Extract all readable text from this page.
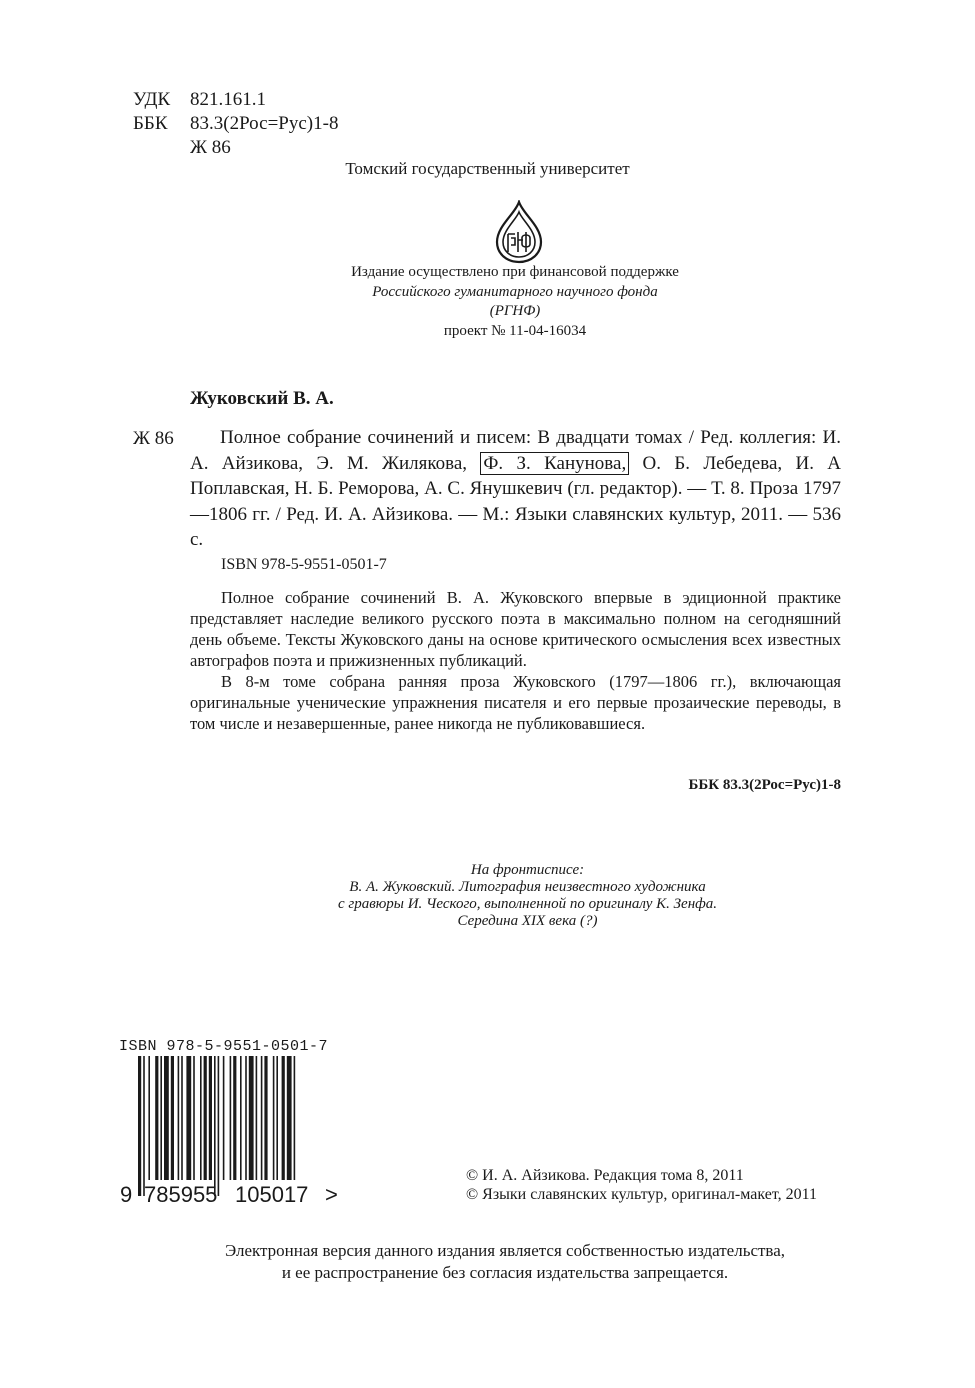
УДК	821.161.1
ББК	83.3(2Рос=Рус)1-8
Ж 86
Томский государственный университет
Издание осуществлено при финансовой поддержке
Российского гуманитарного научного фонда
(РГНФ)
проект № 11-04-16034
Жуковский В. А.
Ж 86	Полное собрание сочинений и писем: В двадцати томах / Ред. коллегия: И. А. Айзикова, Э. М. Жилякова, Ф. З. Канунова, О. Б. Лебедева, И. А Поплавская, Н. Б. Реморова, А. С. Янушкевич (гл. редактор). — Т. 8. Проза 1797—1806 гг. / Ред. И. А. Айзикова. — М.: Языки славянских культур, 2011. — 536 с.
ISBN 978-5-9551-0501-7

Полное собрание сочинений В. А. Жуковского впервые в эдиционной практике представляет наследие великого русского поэта в максимально полном на сегодняшний день объеме. Тексты Жуковского даны на основе критического осмысления всех известных автографов поэта и прижизненных публикаций.

В 8-м томе собрана ранняя проза Жуковского (1797—1806 гг.), включающая оригинальные ученические упражнения писателя и его первые прозаические переводы, в том числе и незавершенные, ранее никогда не публиковавшиеся.

ББК 83.3(2Рос=Рус)1-8
На фронтисписе:
В. А. Жуковский. Литография неизвестного художника
с гравюры И. Ческого, выполненной по оригиналу К. Зенфа.
Середина XIX века (?)
ISBN 978-5-9551-0501-7
9 785955 105017 >
© И. А. Айзикова. Редакция тома 8, 2011
© Языки славянских культур, оригинал-макет, 2011
Электронная версия данного издания является собственностью издательства,
и ее распространение без согласия издательства запрещается.
